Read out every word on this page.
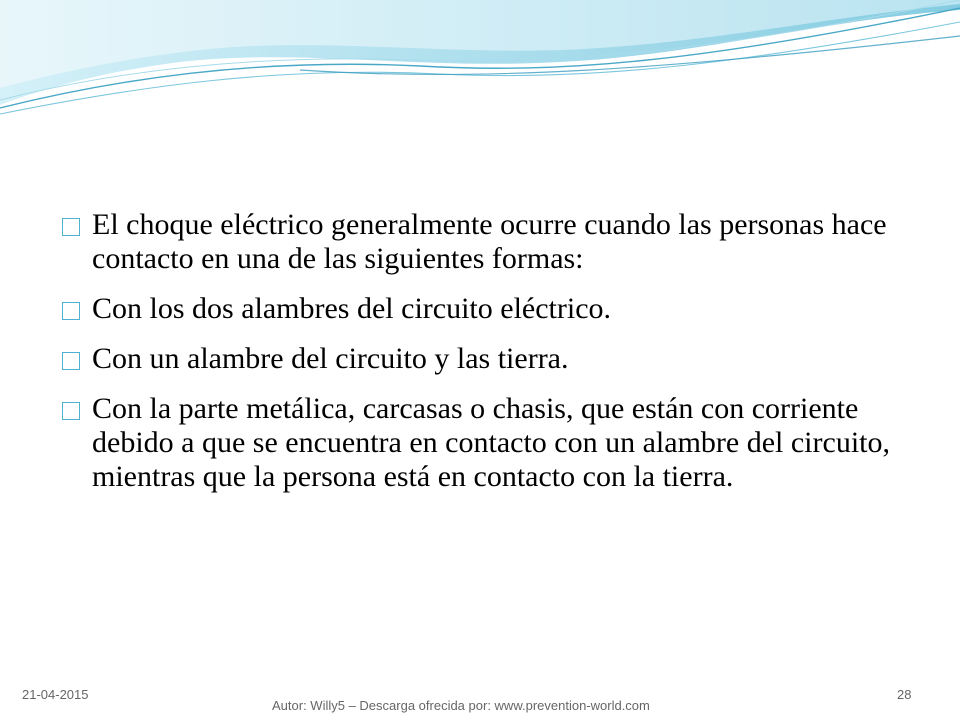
El choque eléctrico generalmente ocurre cuando las personas hace contacto en una de las siguientes formas:
Con los dos alambres del circuito eléctrico.
Con un alambre del circuito y las tierra.
Con la parte metálica, carcasas o chasis, que están con corriente debido a que se encuentra en contacto con un alambre del circuito, mientras que la persona está en contacto con la tierra.
21-04-2015
Autor: Willy5 – Descarga ofrecida por: www.prevention-world.com
28
